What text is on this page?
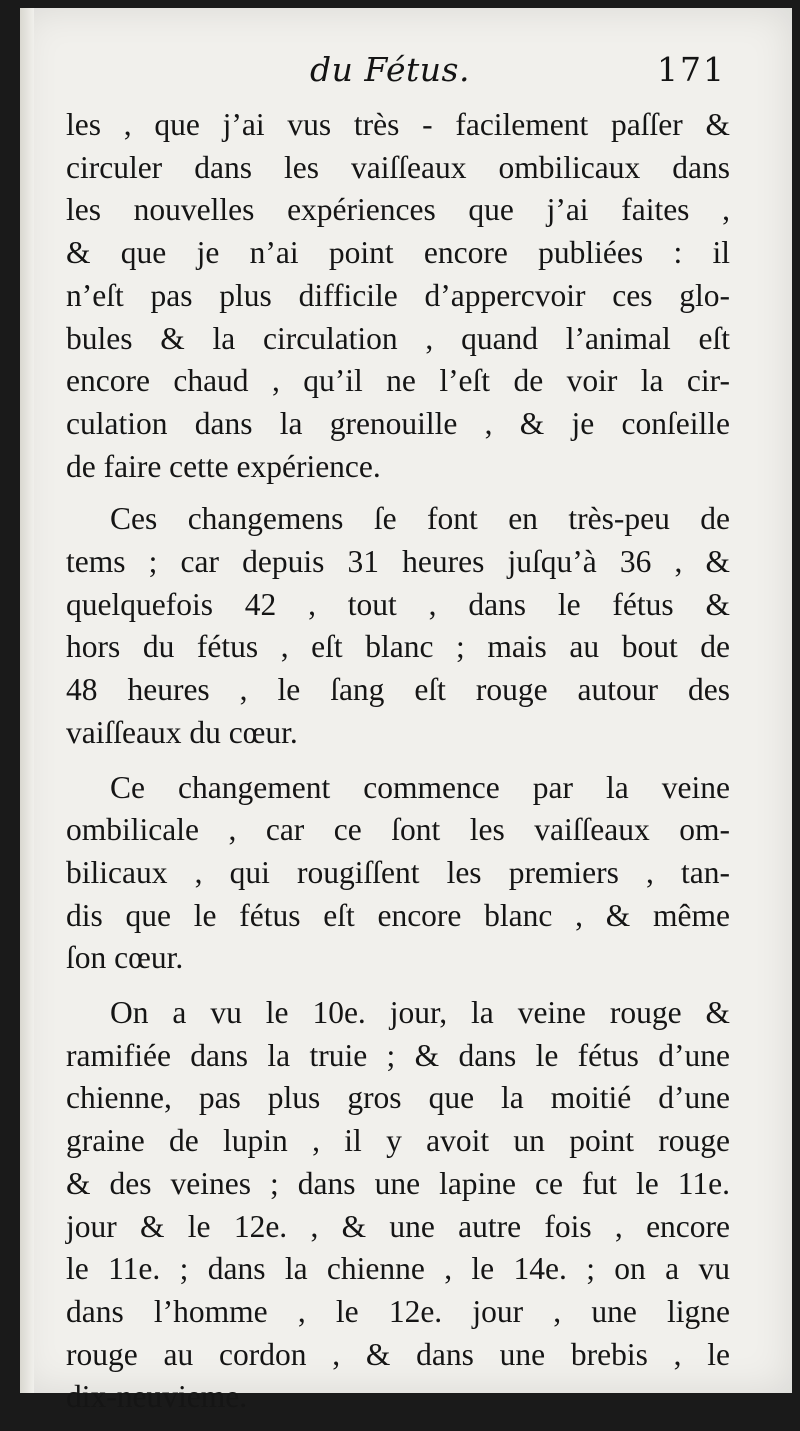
du Fétus.	171
les , que j’ai vus très - facilement paſſer &
circuler dans les vaiſſeaux ombilicaux dans
les nouvelles expériences que j’ai faites ,
& que je n’ai point encore publiées : il
n’eſt pas plus difficile d’appercvoir ces glo-
bules & la circulation , quand l’animal eſt
encore chaud , qu’il ne l’eſt de voir la cir-
culation dans la grenouille , & je conſeille
de faire cette expérience.
Ces changemens ſe font en très-peu de
tems ; car depuis 31 heures juſqu’à 36 , &
quelquefois 42 , tout , dans le fétus &
hors du fétus , eſt blanc ; mais au bout de
48 heures , le ſang eſt rouge autour des
vaiſſeaux du cœur.
Ce changement commence par la veine
ombilicale , car ce ſont les vaiſſeaux om-
bilicaux , qui rougiſſent les premiers , tan-
dis que le fétus eſt encore blanc , & même
ſon cœur.
On a vu le 10e. jour, la veine rouge &
ramifiée dans la truie ; & dans le fétus d’une
chienne, pas plus gros que la moitié d’une
graine de lupin , il y avoit un point rouge
& des veines ; dans une lapine ce fut le 11e.
jour & le 12e. , & une autre fois , encore
le 11e. ; dans la chienne , le 14e. ; on a vu
dans l’homme , le 12e. jour , une ligne
rouge au cordon , & dans une brebis , le
dix-neuvieme.
